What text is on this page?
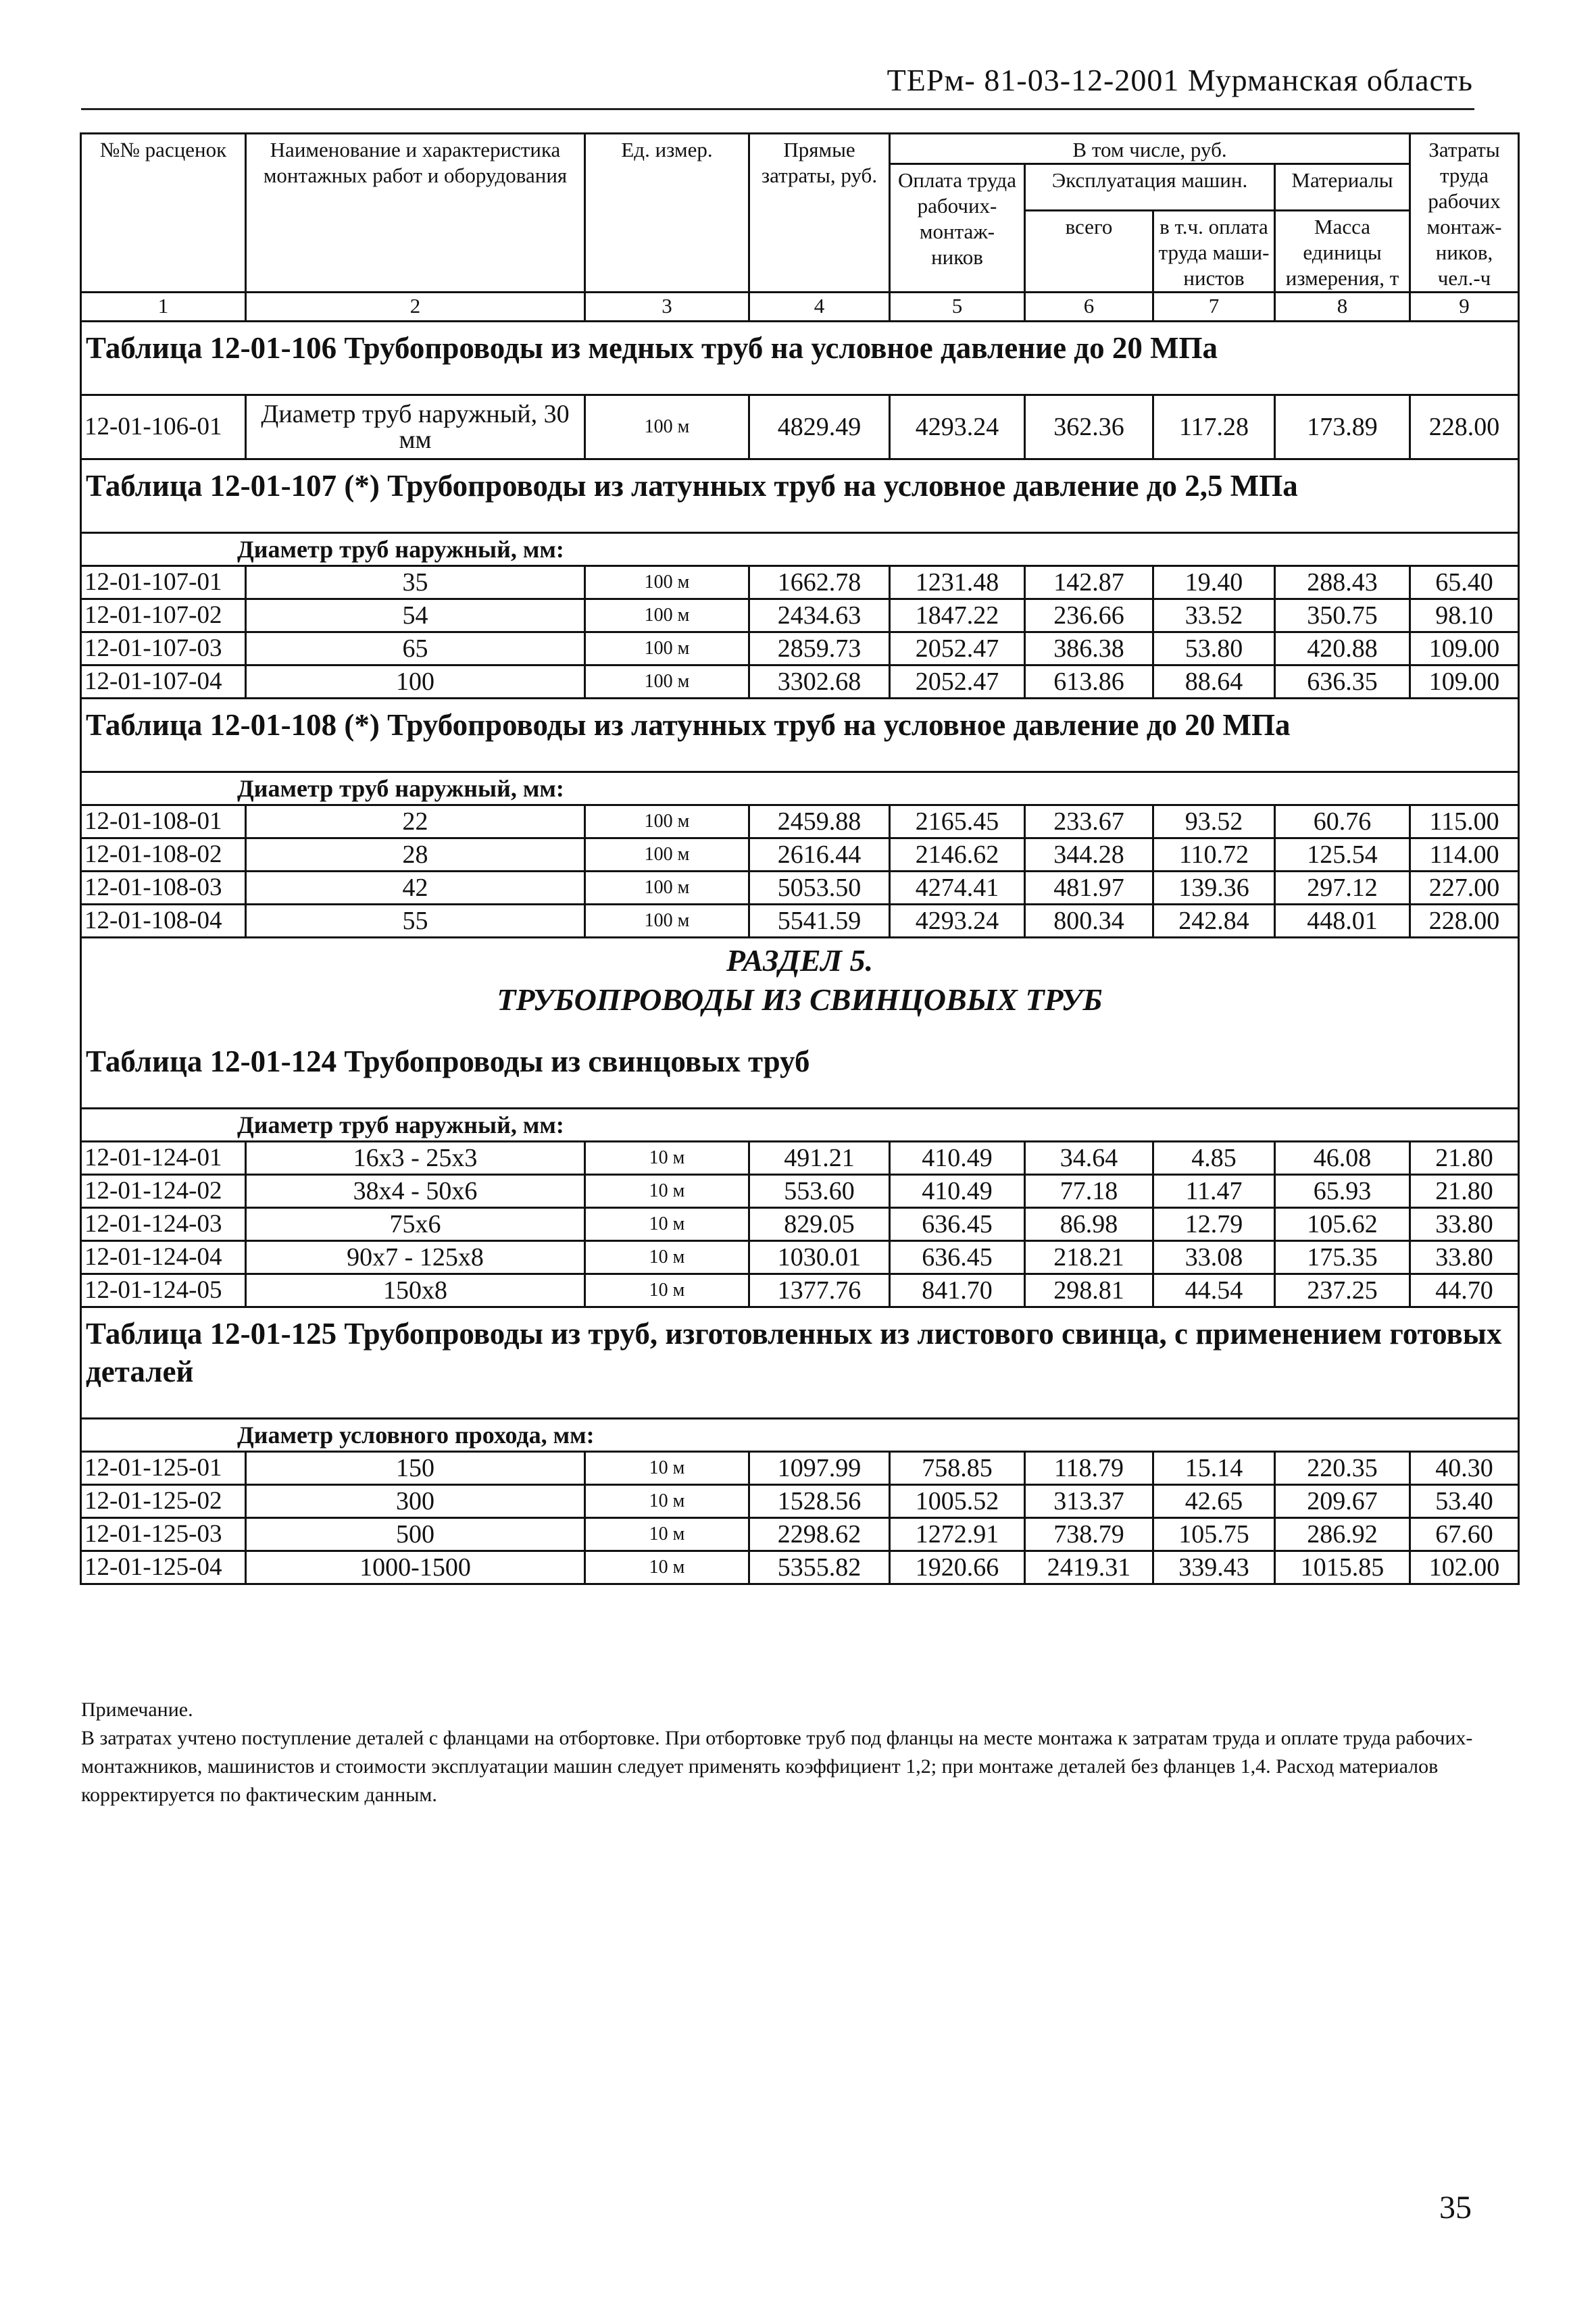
ТЕРм- 81-03-12-2001 Мурманская область
№№ расценок	Наименование и характеристика монтажных работ и оборудования	Ед. измер.	Прямые затраты, руб.	В том числе, руб.				Затраты труда рабочих монтаж-ников, чел.-ч
				Оплата труда рабочих-монтаж-ников	Эксплуатация машин.		Материалы	
					всего	в т.ч. оплата труда маши-нистов	Масса единицы измерения, т	
1	2	3	4	5	6	7	8	9
Таблица 12-01-106 Трубопроводы из медных труб на условное давление до 20 МПа								
12-01-106-01	Диаметр труб наружный, 30 мм	100 м	4829.49	4293.24	362.36	117.28	173.89	228.00
Таблица 12-01-107 (*) Трубопроводы из латунных труб на условное давление до 2,5 МПа								
Диаметр труб наружный, мм:								
12-01-107-01	35	100 м	1662.78	1231.48	142.87	19.40	288.43	65.40
12-01-107-02	54	100 м	2434.63	1847.22	236.66	33.52	350.75	98.10
12-01-107-03	65	100 м	2859.73	2052.47	386.38	53.80	420.88	109.00
12-01-107-04	100	100 м	3302.68	2052.47	613.86	88.64	636.35	109.00
Таблица 12-01-108 (*) Трубопроводы из латунных труб на условное давление до 20 МПа								
Диаметр труб наружный, мм:								
12-01-108-01	22	100 м	2459.88	2165.45	233.67	93.52	60.76	115.00
12-01-108-02	28	100 м	2616.44	2146.62	344.28	110.72	125.54	114.00
12-01-108-03	42	100 м	5053.50	4274.41	481.97	139.36	297.12	227.00
12-01-108-04	55	100 м	5541.59	4293.24	800.34	242.84	448.01	228.00

РАЗДЕЛ 5.
ТРУБОПРОВОДЫ ИЗ СВИНЦОВЫХ ТРУБ								

Таблица 12-01-124 Трубопроводы из свинцовых труб								
Диаметр труб наружный, мм:								
12-01-124-01	16x3 - 25x3	10 м	491.21	410.49	34.64	4.85	46.08	21.80
12-01-124-02	38x4 - 50x6	10 м	553.60	410.49	77.18	11.47	65.93	21.80
12-01-124-03	75x6	10 м	829.05	636.45	86.98	12.79	105.62	33.80
12-01-124-04	90x7 - 125x8	10 м	1030.01	636.45	218.21	33.08	175.35	33.80
12-01-124-05	150x8	10 м	1377.76	841.70	298.81	44.54	237.25	44.70
Таблица 12-01-125 Трубопроводы из труб, изготовленных из листового свинца, с применением готовых деталей								
Диаметр условного прохода, мм:								
12-01-125-01	150	10 м	1097.99	758.85	118.79	15.14	220.35	40.30
12-01-125-02	300	10 м	1528.56	1005.52	313.37	42.65	209.67	53.40
12-01-125-03	500	10 м	2298.62	1272.91	738.79	105.75	286.92	67.60
12-01-125-04	1000-1500	10 м	5355.82	1920.66	2419.31	339.43	1015.85	102.00

Примечание.

В затратах учтено поступление деталей с фланцами на отбортовке. При отбортовке труб под фланцы на месте монтажа к затратам труда и оплате труда рабочих-монтажников, машинистов и стоимости эксплуатации машин следует применять коэффициент 1,2; при монтаже деталей без фланцев 1,4. Расход материалов корректируется по фактическим данным.

35
